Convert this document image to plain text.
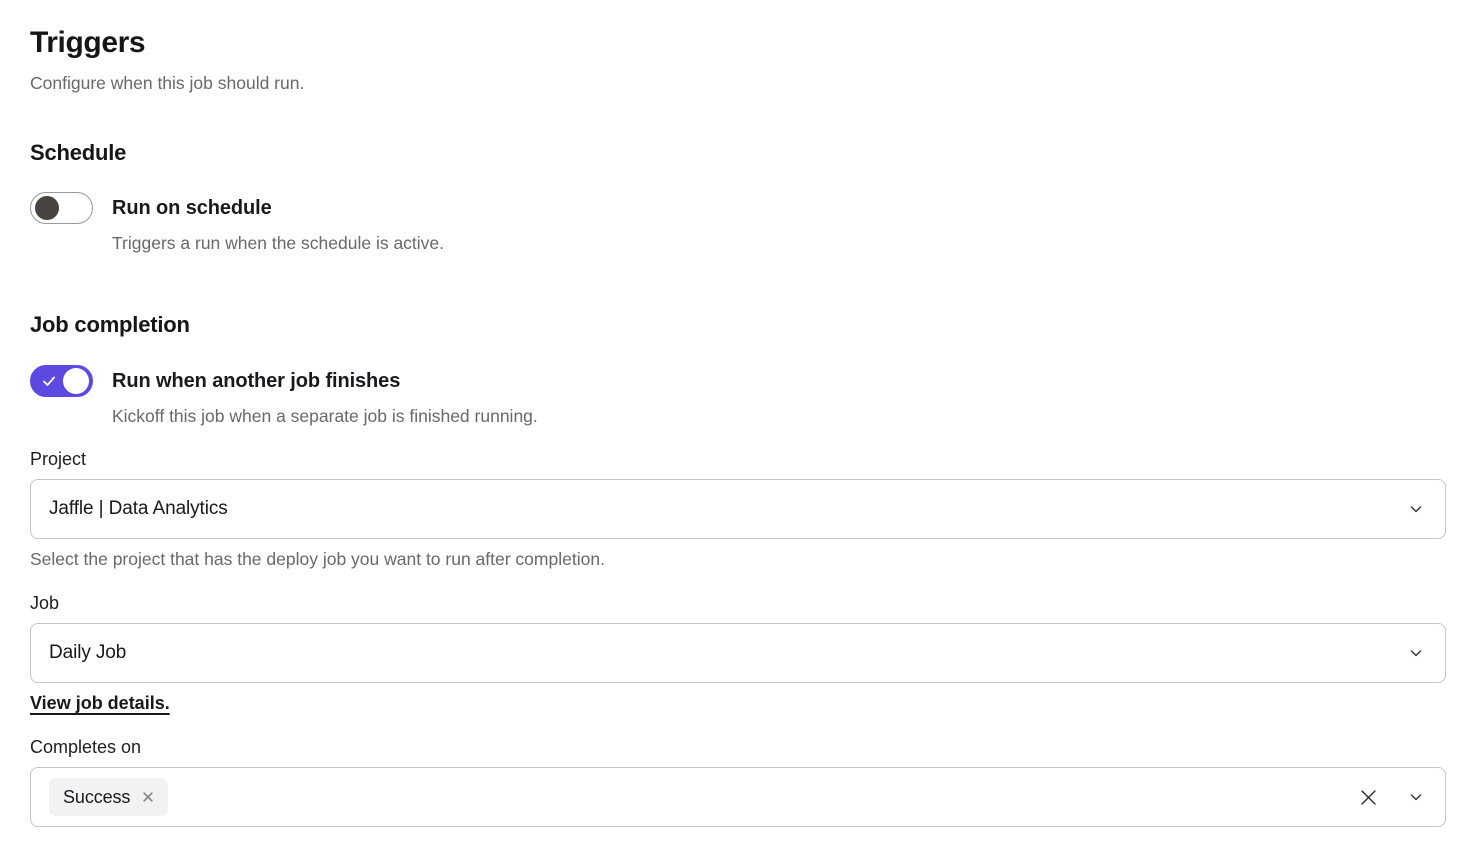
Triggers

Configure when this job should run.

Schedule
Run on schedule
Triggers a run when the schedule is active.
Job completion
Run when another job finishes
Kickoff this job when a separate job is finished running.
Project
Jaffle | Data Analytics
Select the project that has the deploy job you want to run after completion.
Job
Daily Job
View job details.
Completes on
Success
